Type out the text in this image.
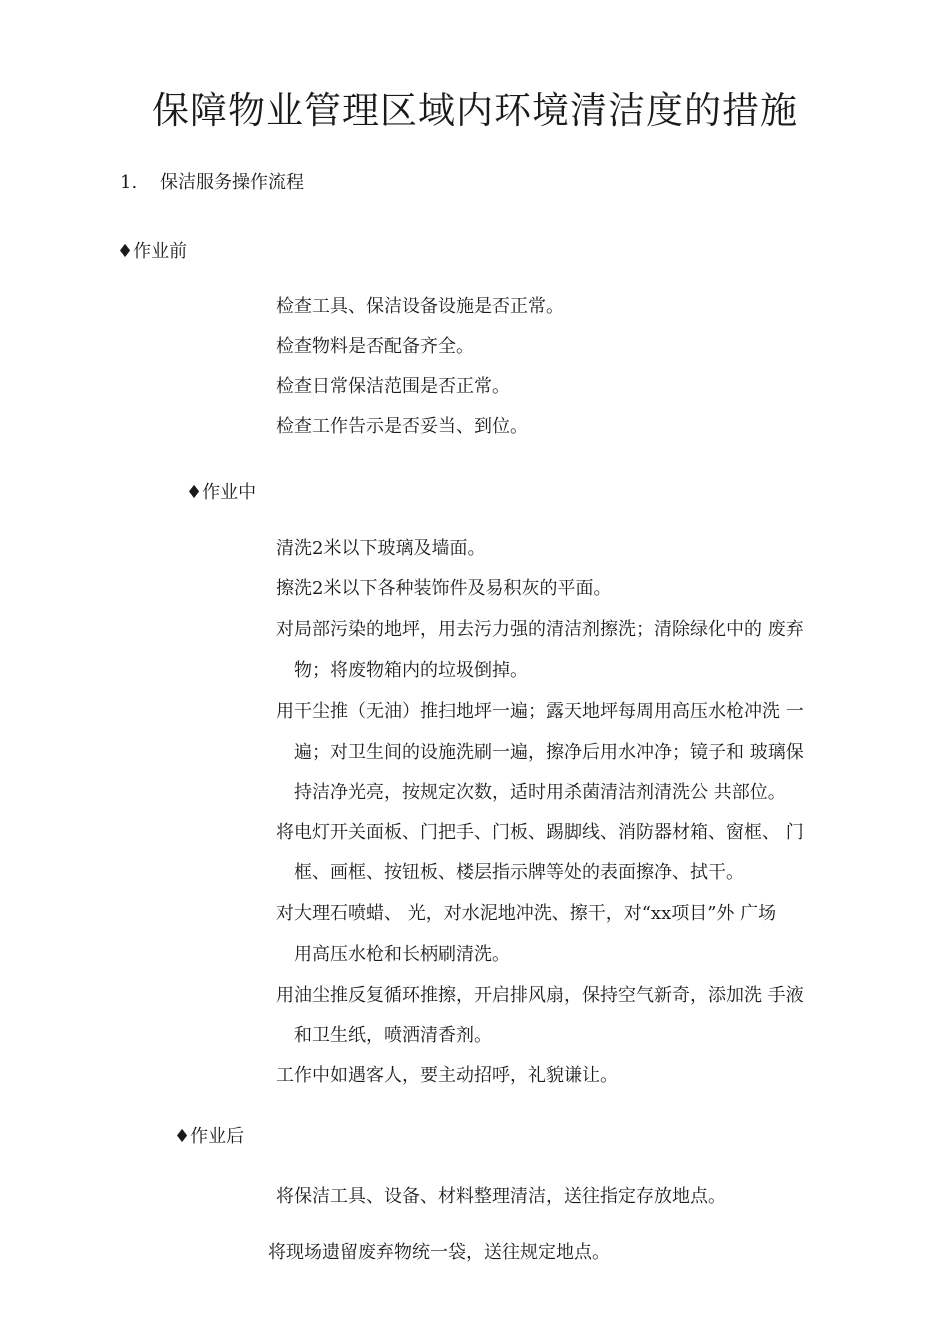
保障物业管理区域内环境清洁度的措施
1. 保洁服务操作流程
♦作业前
检查工具、保洁设备设施是否正常。
检查物料是否配备齐全。
检查日常保洁范围是否正常。
检查工作告示是否妥当、到位。
♦作业中
清洗2米以下玻璃及墙面。
擦洗2米以下各种装饰件及易积灰的平面。
对局部污染的地坪，用去污力强的清洁剂擦洗；清除绿化中的 废弃
物；将废物箱内的垃圾倒掉。
用干尘推（无油）推扫地坪一遍；露天地坪每周用高压水枪冲洗 一
遍；对卫生间的设施洗刷一遍，擦净后用水冲净；镜子和 玻璃保
持洁净光亮，按规定次数，适时用杀菌清洁剂清洗公 共部位。
将电灯开关面板、门把手、门板、踢脚线、消防器材箱、窗框、 门
框、画框、按钮板、楼层指示牌等处的表面擦净、拭干。
对大理石喷蜡、 光，对水泥地冲洗、擦干，对“xx项目”外 广场
用高压水枪和长柄刷清洗。
用油尘推反复循环推擦，开启排风扇，保持空气新奇，添加洗 手液
和卫生纸，喷洒清香剂。
工作中如遇客人，要主动招呼，礼貌谦让。
♦作业后
将保洁工具、设备、材料整理清洁，送往指定存放地点。
将现场遗留废弃物统一袋，送往规定地点。
